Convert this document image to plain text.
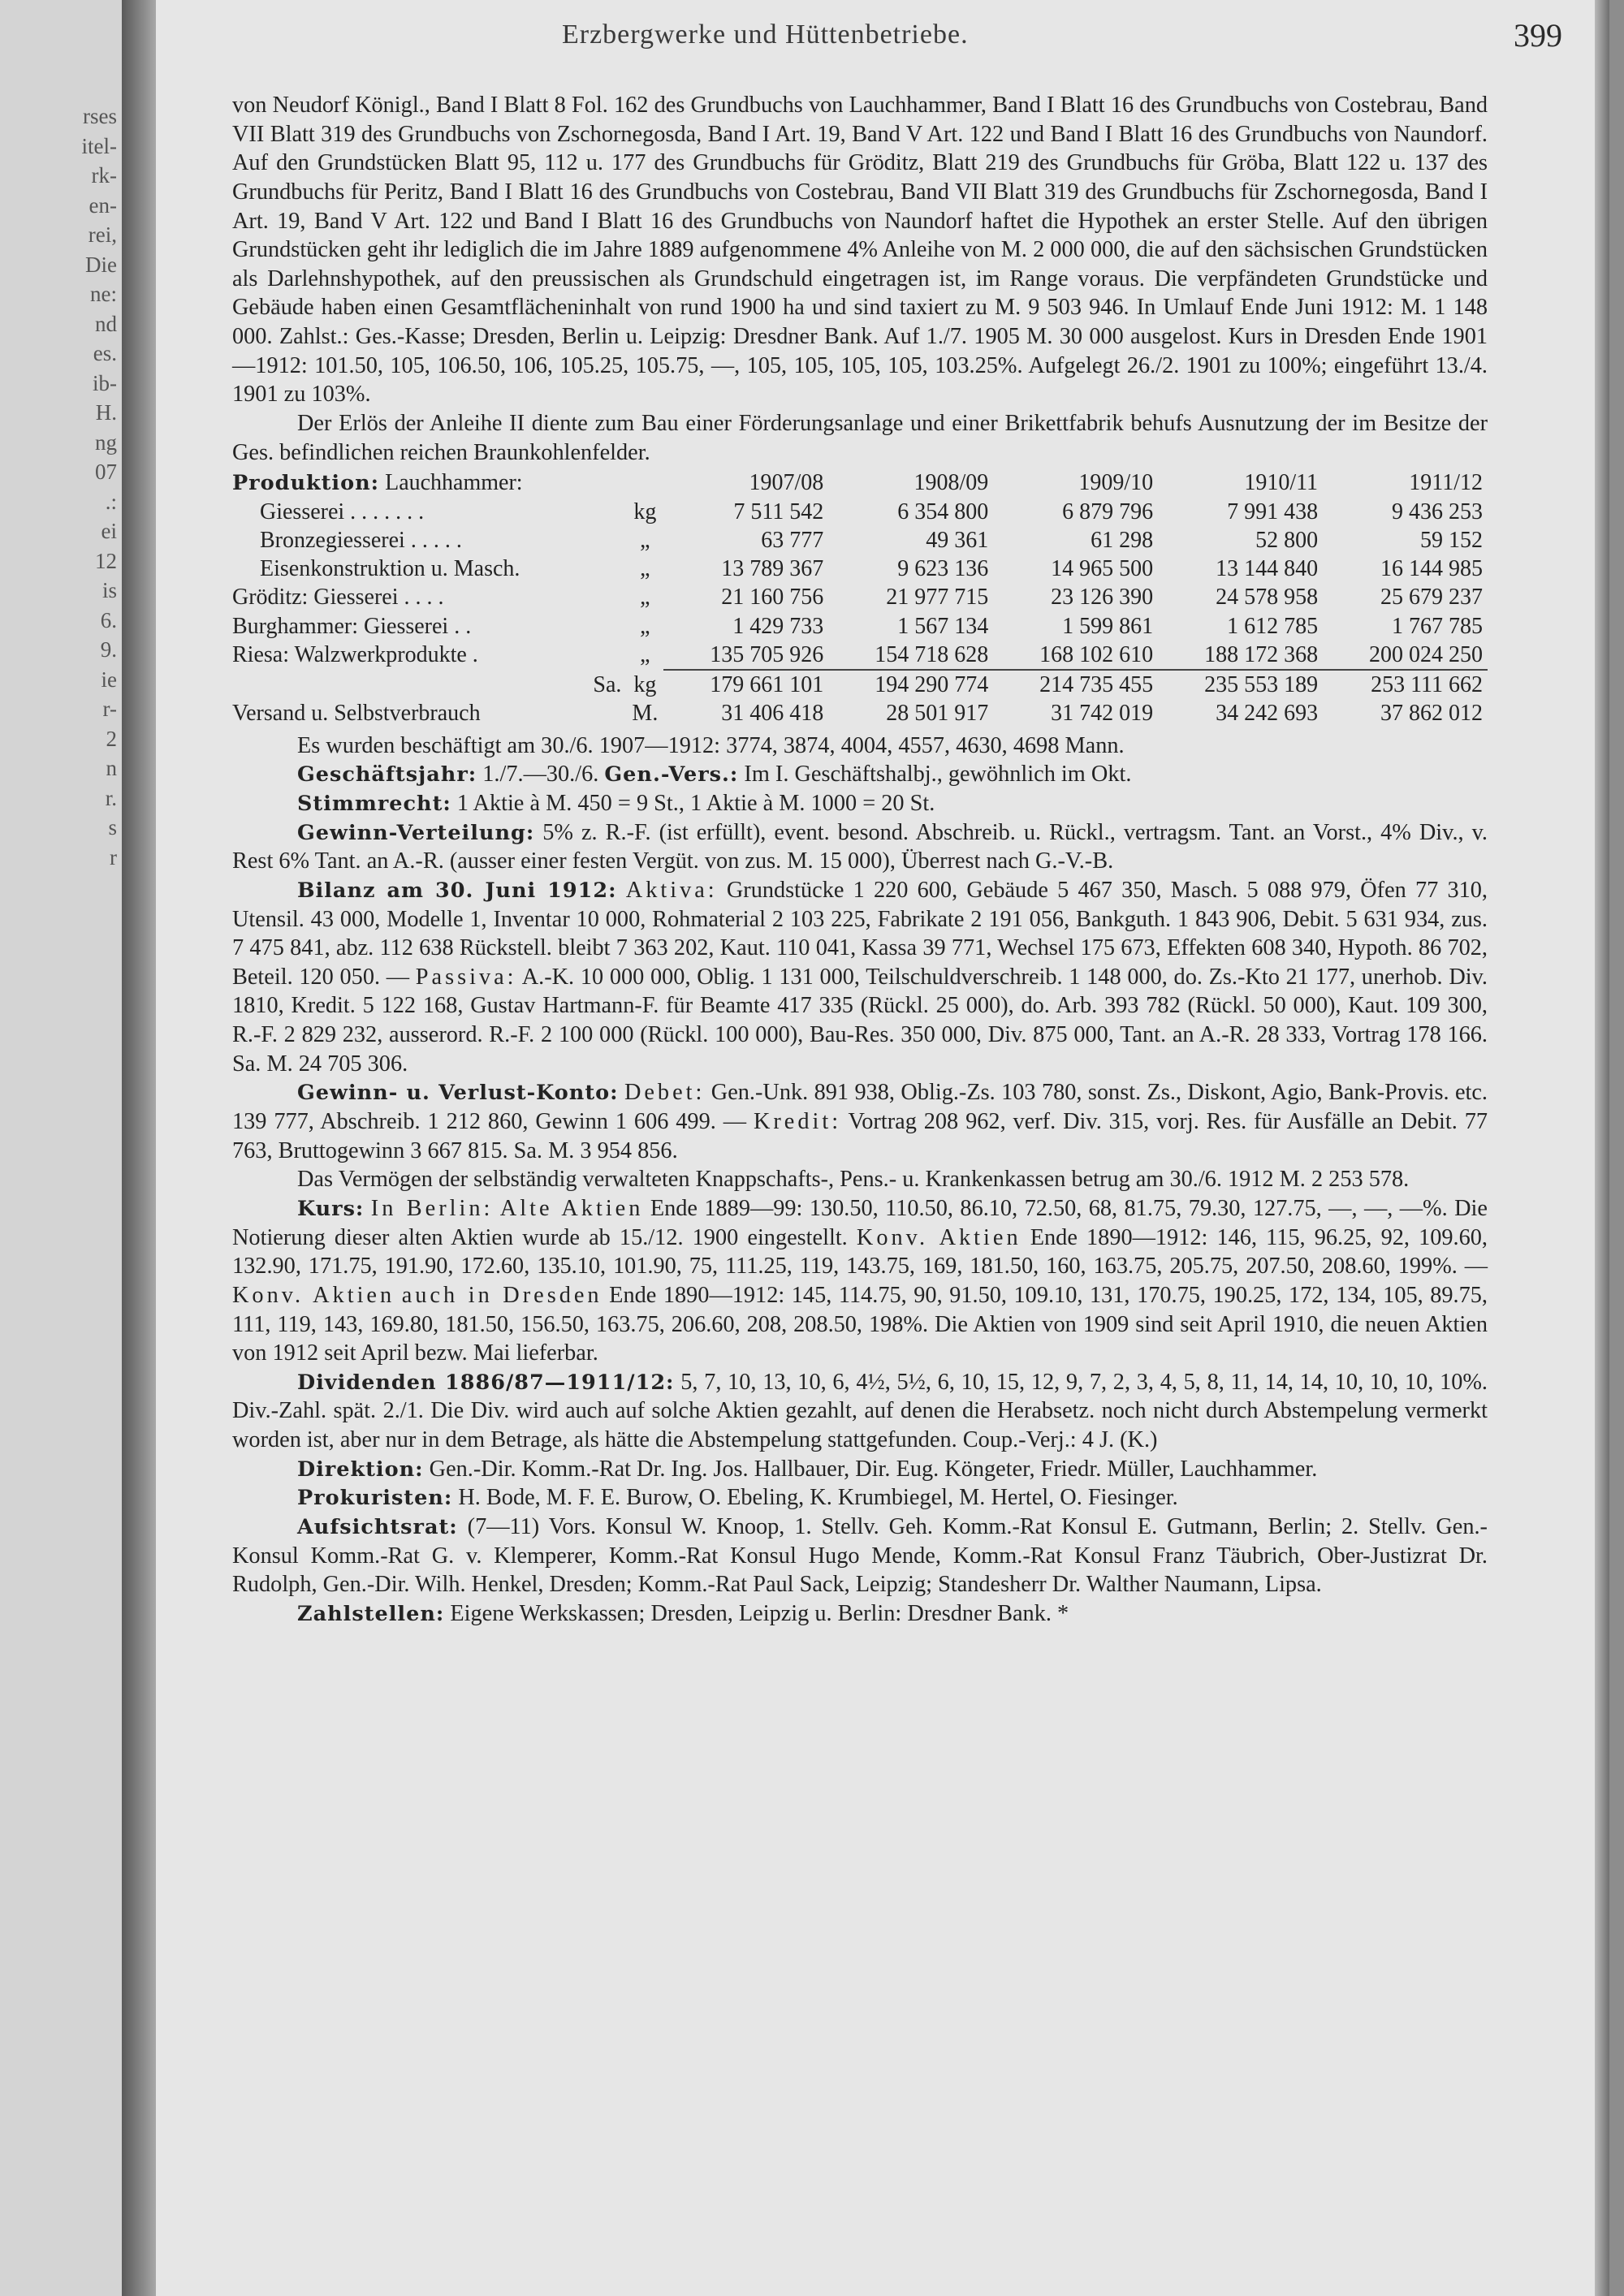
rses
itel-
rk-
en-
rei,
Die
ne:
nd
es.
ib-
H.
ng
07
.:
ei
12
is
6.
9.
ie
r-
2
n
r.
s
r
Erzbergwerke und Hüttenbetriebe.	399

von Neudorf Königl., Band I Blatt 8 Fol. 162 des Grundbuchs von Lauchhammer, Band I Blatt 16 des Grundbuchs von Costebrau, Band VII Blatt 319 des Grundbuchs von Zschornegosda, Band I Art. 19, Band V Art. 122 und Band I Blatt 16 des Grundbuchs von Naundorf. Auf den Grundstücken Blatt 95, 112 u. 177 des Grundbuchs für Gröditz, Blatt 219 des Grundbuchs für Gröba, Blatt 122 u. 137 des Grundbuchs für Peritz, Band I Blatt 16 des Grundbuchs von Costebrau, Band VII Blatt 319 des Grundbuchs für Zschornegosda, Band I Art. 19, Band V Art. 122 und Band I Blatt 16 des Grundbuchs von Naundorf haftet die Hypothek an erster Stelle. Auf den übrigen Grundstücken geht ihr lediglich die im Jahre 1889 aufgenommene 4% Anleihe von M. 2 000 000, die auf den sächsischen Grundstücken als Darlehnshypothek, auf den preussischen als Grundschuld eingetragen ist, im Range voraus. Die verpfändeten Grundstücke und Gebäude haben einen Gesamtflächeninhalt von rund 1900 ha und sind taxiert zu M. 9 503 946. In Umlauf Ende Juni 1912: M. 1 148 000. Zahlst.: Ges.-Kasse; Dresden, Berlin u. Leipzig: Dresdner Bank. Auf 1./7. 1905 M. 30 000 ausgelost. Kurs in Dresden Ende 1901—1912: 101.50, 105, 106.50, 106, 105.25, 105.75, —, 105, 105, 105, 105, 103.25%. Aufgelegt 26./2. 1901 zu 100%; eingeführt 13./4. 1901 zu 103%.

Der Erlös der Anleihe II diente zum Bau einer Förderungsanlage und einer Brikettfabrik behufs Ausnutzung der im Besitze der Ges. befindlichen reichen Braunkohlenfelder.

Produktion: Lauchhammer:		1907/08	1908/09	1909/10	1910/11	1911/12
Giesserei . . . . . . .	kg	7 511 542	6 354 800	6 879 796	7 991 438	9 436 253
Bronzegiesserei . . . . .	„	63 777	49 361	61 298	52 800	59 152
Eisenkonstruktion u. Masch.	„	13 789 367	9 623 136	14 965 500	13 144 840	16 144 985
Gröditz: Giesserei . . . .	„	21 160 756	21 977 715	23 126 390	24 578 958	25 679 237
Burghammer: Giesserei . .	„	1 429 733	1 567 134	1 599 861	1 612 785	1 767 785
Riesa: Walzwerkprodukte .	„	135 705 926	154 718 628	168 102 610	188 172 368	200 024 250
Sa.	kg	179 661 101	194 290 774	214 735 455	235 553 189	253 111 662
Versand u. Selbstverbrauch	M.	31 406 418	28 501 917	31 742 019	34 242 693	37 862 012

Es wurden beschäftigt am 30./6. 1907—1912: 3774, 3874, 4004, 4557, 4630, 4698 Mann.

Geschäftsjahr: 1./7.—30./6. Gen.-Vers.: Im I. Geschäftshalbj., gewöhnlich im Okt.

Stimmrecht: 1 Aktie à M. 450 = 9 St., 1 Aktie à M. 1000 = 20 St.

Gewinn-Verteilung: 5% z. R.-F. (ist erfüllt), event. besond. Abschreib. u. Rückl., vertragsm. Tant. an Vorst., 4% Div., v. Rest 6% Tant. an A.-R. (ausser einer festen Vergüt. von zus. M. 15 000), Überrest nach G.-V.-B.

Bilanz am 30. Juni 1912: Aktiva: Grundstücke 1 220 600, Gebäude 5 467 350, Masch. 5 088 979, Öfen 77 310, Utensil. 43 000, Modelle 1, Inventar 10 000, Rohmaterial 2 103 225, Fabrikate 2 191 056, Bankguth. 1 843 906, Debit. 5 631 934, zus. 7 475 841, abz. 112 638 Rückstell. bleibt 7 363 202, Kaut. 110 041, Kassa 39 771, Wechsel 175 673, Effekten 608 340, Hypoth. 86 702, Beteil. 120 050. — Passiva: A.-K. 10 000 000, Oblig. 1 131 000, Teilschuldverschreib. 1 148 000, do. Zs.-Kto 21 177, unerhob. Div. 1810, Kredit. 5 122 168, Gustav Hartmann-F. für Beamte 417 335 (Rückl. 25 000), do. Arb. 393 782 (Rückl. 50 000), Kaut. 109 300, R.-F. 2 829 232, ausserord. R.-F. 2 100 000 (Rückl. 100 000), Bau-Res. 350 000, Div. 875 000, Tant. an A.-R. 28 333, Vortrag 178 166. Sa. M. 24 705 306.

Gewinn- u. Verlust-Konto: Debet: Gen.-Unk. 891 938, Oblig.-Zs. 103 780, sonst. Zs., Diskont, Agio, Bank-Provis. etc. 139 777, Abschreib. 1 212 860, Gewinn 1 606 499. — Kredit: Vortrag 208 962, verf. Div. 315, vorj. Res. für Ausfälle an Debit. 77 763, Bruttogewinn 3 667 815. Sa. M. 3 954 856.

Das Vermögen der selbständig verwalteten Knappschafts-, Pens.- u. Krankenkassen betrug am 30./6. 1912 M. 2 253 578.

Kurs: In Berlin: Alte Aktien Ende 1889—99: 130.50, 110.50, 86.10, 72.50, 68, 81.75, 79.30, 127.75, —, —, —%. Die Notierung dieser alten Aktien wurde ab 15./12. 1900 eingestellt. Konv. Aktien Ende 1890—1912: 146, 115, 96.25, 92, 109.60, 132.90, 171.75, 191.90, 172.60, 135.10, 101.90, 75, 111.25, 119, 143.75, 169, 181.50, 160, 163.75, 205.75, 207.50, 208.60, 199%. — Konv. Aktien auch in Dresden Ende 1890—1912: 145, 114.75, 90, 91.50, 109.10, 131, 170.75, 190.25, 172, 134, 105, 89.75, 111, 119, 143, 169.80, 181.50, 156.50, 163.75, 206.60, 208, 208.50, 198%. Die Aktien von 1909 sind seit April 1910, die neuen Aktien von 1912 seit April bezw. Mai lieferbar.

Dividenden 1886/87—1911/12: 5, 7, 10, 13, 10, 6, 4½, 5½, 6, 10, 15, 12, 9, 7, 2, 3, 4, 5, 8, 11, 14, 14, 10, 10, 10, 10%. Div.-Zahl. spät. 2./1. Die Div. wird auch auf solche Aktien gezahlt, auf denen die Herabsetz. noch nicht durch Abstempelung vermerkt worden ist, aber nur in dem Betrage, als hätte die Abstempelung stattgefunden. Coup.-Verj.: 4 J. (K.)

Direktion: Gen.-Dir. Komm.-Rat Dr. Ing. Jos. Hallbauer, Dir. Eug. Köngeter, Friedr. Müller, Lauchhammer.

Prokuristen: H. Bode, M. F. E. Burow, O. Ebeling, K. Krumbiegel, M. Hertel, O. Fiesinger.

Aufsichtsrat: (7—11) Vors. Konsul W. Knoop, 1. Stellv. Geh. Komm.-Rat Konsul E. Gutmann, Berlin; 2. Stellv. Gen.-Konsul Komm.-Rat G. v. Klemperer, Komm.-Rat Konsul Hugo Mende, Komm.-Rat Konsul Franz Täubrich, Ober-Justizrat Dr. Rudolph, Gen.-Dir. Wilh. Henkel, Dresden; Komm.-Rat Paul Sack, Leipzig; Standesherr Dr. Walther Naumann, Lipsa.

Zahlstellen: Eigene Werkskassen; Dresden, Leipzig u. Berlin: Dresdner Bank. *
